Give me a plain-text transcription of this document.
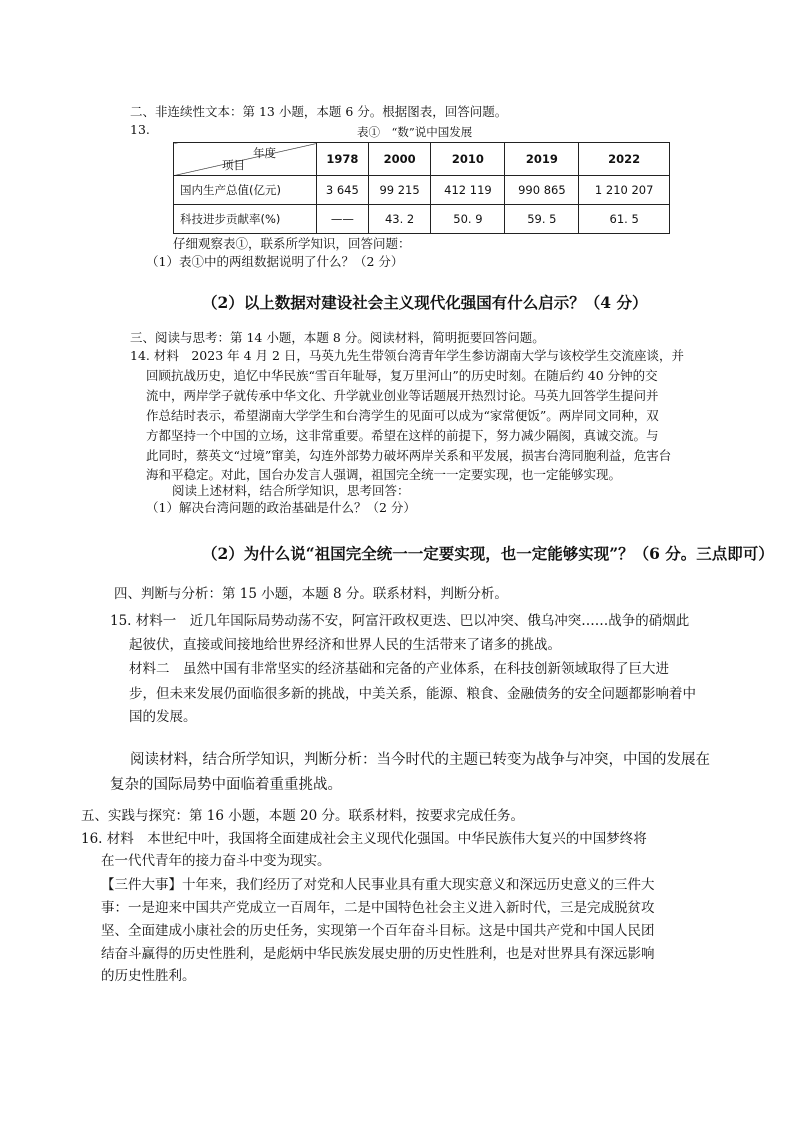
二、非连续性文本：第 13 小题，本题 6 分。根据图表，回答问题。
13.	表①　“数”说中国发展
年度
项目	1978	2000	2010	2019	2022
国内生产总值(亿元)	3 645	99 215	412 119	990 865	1 210 207
科技进步贡献率(%)	——	43. 2	50. 9	59. 5	61. 5
仔细观察表①，联系所学知识，回答问题：
（1）表①中的两组数据说明了什么？（2 分）
（2）以上数据对建设社会主义现代化强国有什么启示？（4 分）
三、阅读与思考：第 14 小题，本题 8 分。阅读材料，简明扼要回答问题。
14. 材料　2023 年 4 月 2 日，马英九先生带领台湾青年学生参访湖南大学与该校学生交流座谈，并
回顾抗战历史，追忆中华民族“雪百年耻辱，复万里河山”的历史时刻。在随后约 40 分钟的交
流中，两岸学子就传承中华文化、升学就业创业等话题展开热烈讨论。马英九回答学生提问并
作总结时表示，希望湖南大学学生和台湾学生的见面可以成为“家常便饭”。两岸同文同种，双
方都坚持一个中国的立场，这非常重要。希望在这样的前提下，努力减少隔阂，真诚交流。与
此同时，蔡英文“过境”窜美，勾连外部势力破坏两岸关系和平发展，损害台湾同胞利益，危害台
海和平稳定。对此，国台办发言人强调，祖国完全统一一定要实现，也一定能够实现。
阅读上述材料，结合所学知识，思考回答：
（1）解决台湾问题的政治基础是什么？（2 分）
（2）为什么说“祖国完全统一一定要实现，也一定能够实现”？（6 分。三点即可）
四、判断与分析：第 15 小题，本题 8 分。联系材料，判断分析。
15. 材料一　近几年国际局势动荡不安，阿富汗政权更迭、巴以冲突、俄乌冲突……战争的硝烟此
起彼伏，直接或间接地给世界经济和世界人民的生活带来了诸多的挑战。
材料二　虽然中国有非常坚实的经济基础和完备的产业体系，在科技创新领域取得了巨大进
步，但未来发展仍面临很多新的挑战，中美关系，能源、粮食、金融债务的安全问题都影响着中
国的发展。
阅读材料，结合所学知识，判断分析：当今时代的主题已转变为战争与冲突，中国的发展在
复杂的国际局势中面临着重重挑战。
五、实践与探究：第 16 小题，本题 20 分。联系材料，按要求完成任务。
16. 材料　本世纪中叶，我国将全面建成社会主义现代化强国。中华民族伟大复兴的中国梦终将
在一代代青年的接力奋斗中变为现实。
【三件大事】十年来，我们经历了对党和人民事业具有重大现实意义和深远历史意义的三件大
事：一是迎来中国共产党成立一百周年，二是中国特色社会主义进入新时代，三是完成脱贫攻
坚、全面建成小康社会的历史任务，实现第一个百年奋斗目标。这是中国共产党和中国人民团
结奋斗赢得的历史性胜利，是彪炳中华民族发展史册的历史性胜利，也是对世界具有深远影响
的历史性胜利。
